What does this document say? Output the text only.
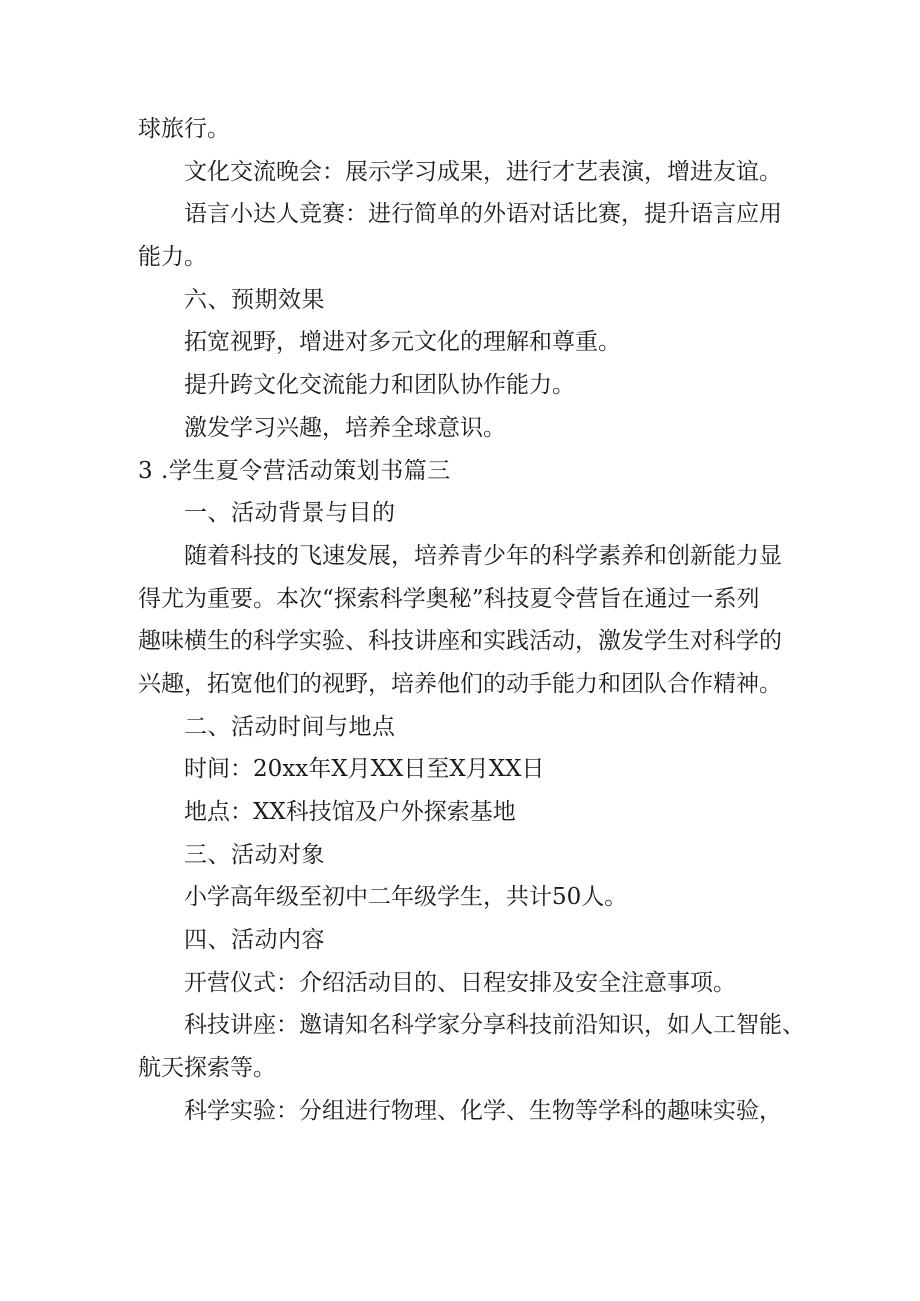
球旅行。
文化交流晚会：展示学习成果，进行才艺表演，增进友谊。
语言小达人竞赛：进行简单的外语对话比赛，提升语言应用
能力。
六、预期效果
拓宽视野，增进对多元文化的理解和尊重。
提升跨文化交流能力和团队协作能力。
激发学习兴趣，培养全球意识。
3 .学生夏令营活动策划书篇三
一、活动背景与目的
随着科技的飞速发展，培养青少年的科学素养和创新能力显
得尤为重要。本次“探索科学奥秘”科技夏令营旨在通过一系列
趣味横生的科学实验、科技讲座和实践活动，激发学生对科学的
兴趣，拓宽他们的视野，培养他们的动手能力和团队合作精神。
二、活动时间与地点
时间：20xx年X月XX日至X月XX日
地点：XX科技馆及户外探索基地
三、活动对象
小学高年级至初中二年级学生，共计50人。
四、活动内容
开营仪式：介绍活动目的、日程安排及安全注意事项。
科技讲座：邀请知名科学家分享科技前沿知识，如人工智能、
航天探索等。
科学实验：分组进行物理、化学、生物等学科的趣味实验，
